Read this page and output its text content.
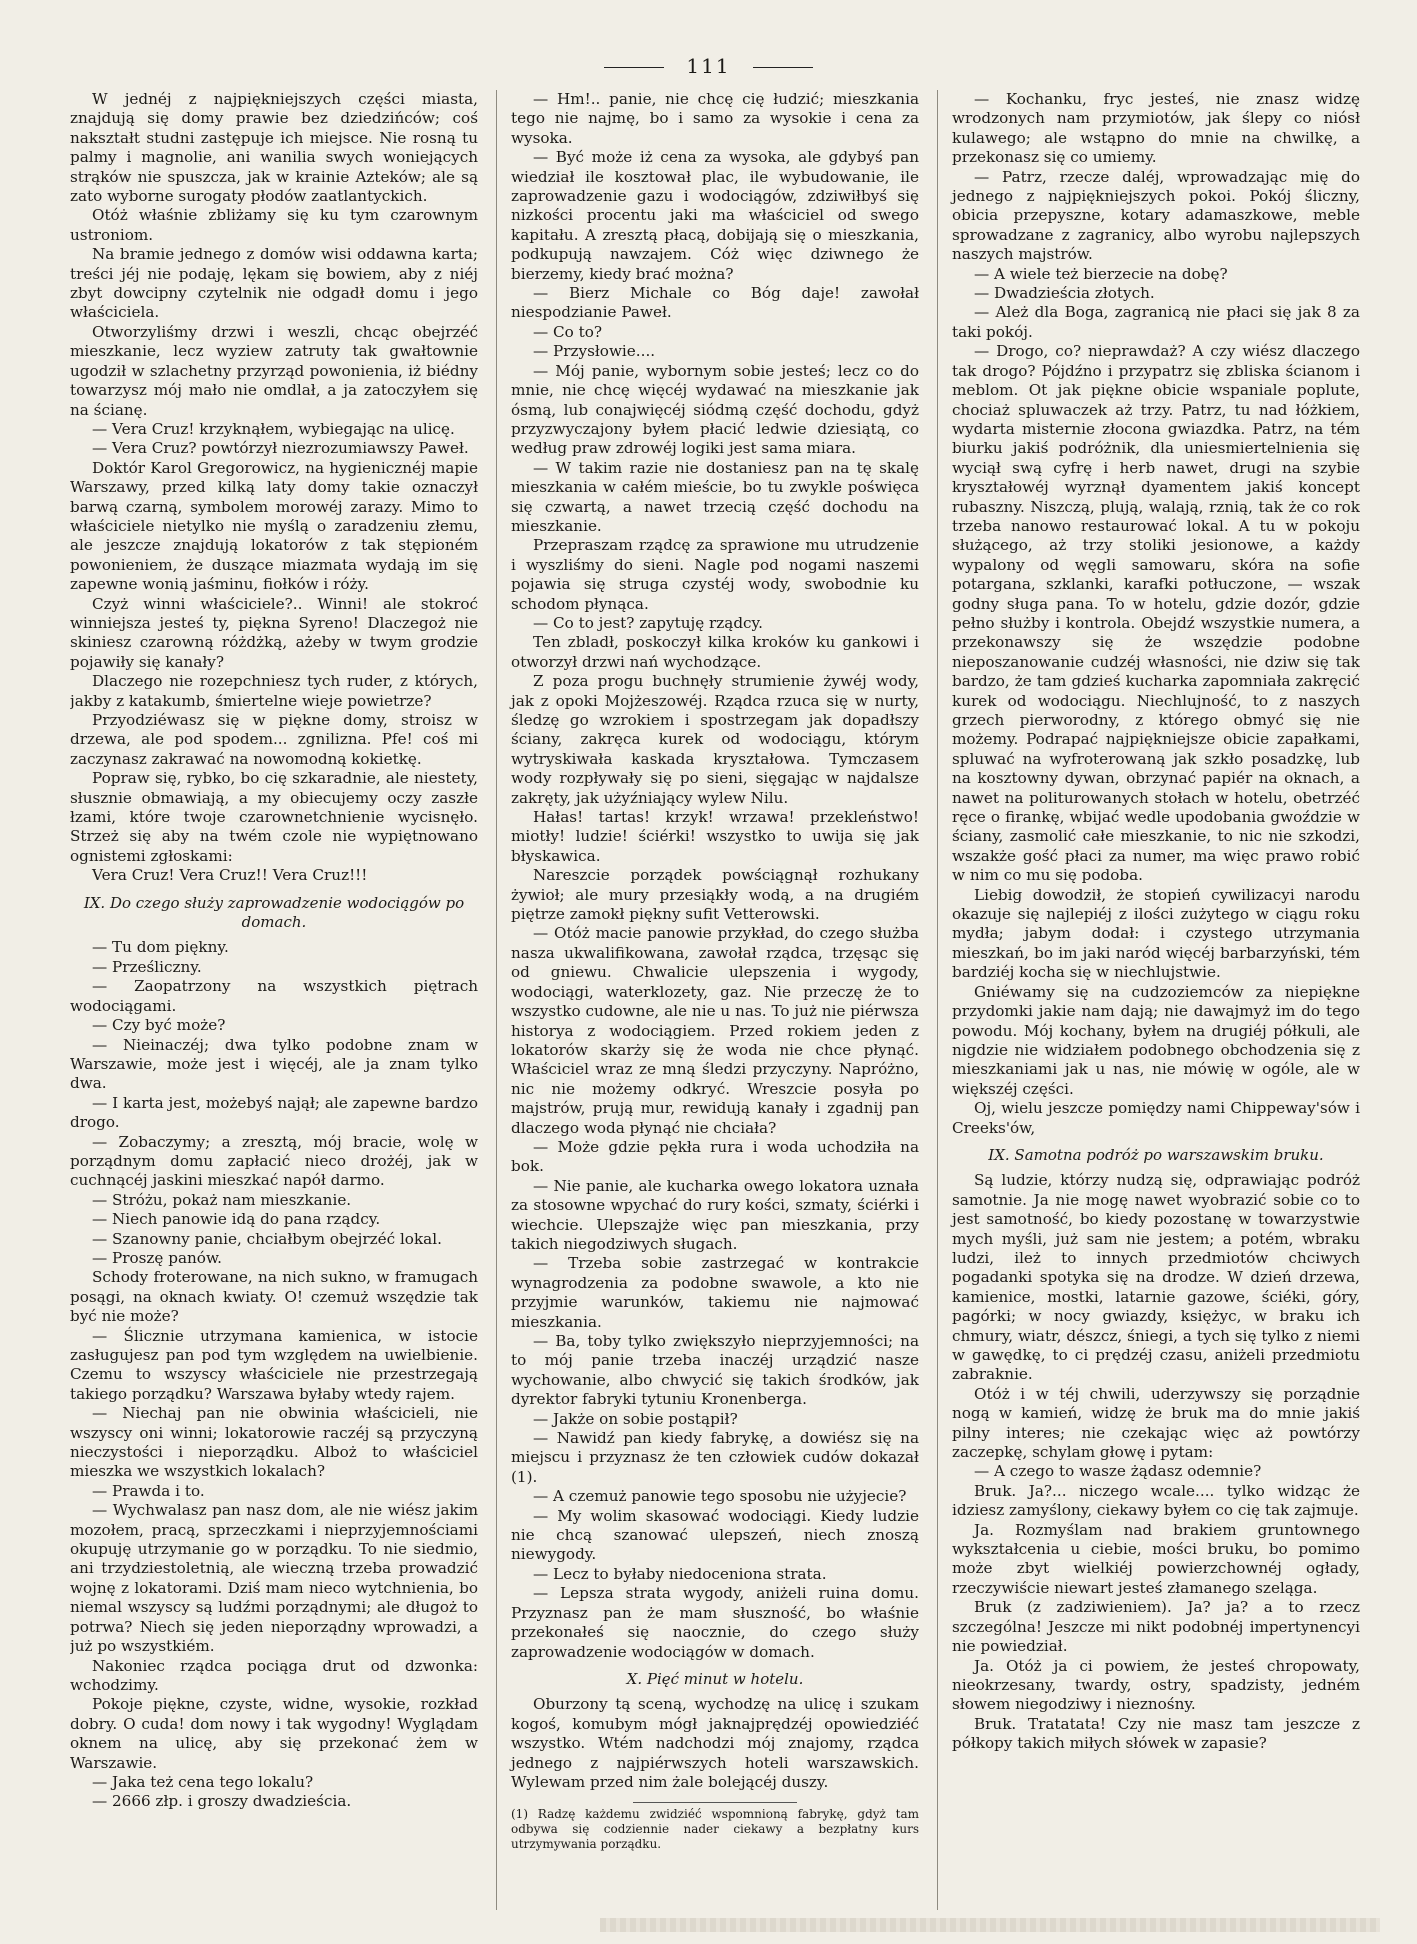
111

W jednéj z najpiękniejszych części miasta, znajdują się domy prawie bez dziedzińców; coś nakształt studni zastępuje ich miejsce. Nie rosną tu palmy i magnolie, ani wanilia swych woniejących strąków nie spuszcza, jak w krainie Azteków; ale są zato wyborne surogaty płodów zaatlantyckich.

Otóż właśnie zbliżamy się ku tym czarownym ustroniom.

Na bramie jednego z domów wisi oddawna karta; treści jéj nie podaję, lękam się bowiem, aby z niéj zbyt dowcipny czytelnik nie odgadł domu i jego właściciela.

Otworzyliśmy drzwi i weszli, chcąc obejrzéć mieszkanie, lecz wyziew zatruty tak gwałtownie ugodził w szlachetny przyrząd powonienia, iż biédny towarzysz mój mało nie omdlał, a ja zatoczyłem się na ścianę.

— Vera Cruz! krzyknąłem, wybiegając na ulicę.

— Vera Cruz? powtórzył niezrozumiawszy Paweł.

Doktór Karol Gregorowicz, na hygienicznéj mapie Warszawy, przed kilką laty domy takie oznaczył barwą czarną, symbolem morowéj zarazy. Mimo to właściciele nietylko nie myślą o zaradzeniu złemu, ale jeszcze znajdują lokatorów z tak stępioném powonieniem, że duszące miazmata wydają im się zapewne wonią jaśminu, fiołków i róży.

Czyż winni właściciele?.. Winni! ale stokroć winniejsza jesteś ty, piękna Syreno! Dlaczegoż nie skiniesz czarowną różdżką, ażeby w twym grodzie pojawiły się kanały?

Dlaczego nie rozepchniesz tych ruder, z których, jakby z katakumb, śmiertelne wieje powietrze?

Przyodziéwasz się w piękne domy, stroisz w drzewa, ale pod spodem... zgnilizna. Pfe! coś mi zaczynasz zakrawać na nowomodną kokietkę.

Popraw się, rybko, bo cię szkaradnie, ale niestety, słusznie obmawiają, a my obiecujemy oczy zaszłe łzami, które twoje czarownetchnienie wycisnęło. Strzeż się aby na twém czole nie wypiętnowano ognistemi zgłoskami:

Vera Cruz! Vera Cruz!! Vera Cruz!!!

IX. Do czego służy zaprowadzenie wodociągów po domach.

— Tu dom piękny.

— Prześliczny.

— Zaopatrzony na wszystkich piętrach wodociągami.

— Czy być może?

— Nieinaczéj; dwa tylko podobne znam w Warszawie, może jest i więcéj, ale ja znam tylko dwa.

— I karta jest, możebyś najął; ale zapewne bardzo drogo.

— Zobaczymy; a zresztą, mój bracie, wolę w porządnym domu zapłacić nieco drożéj, jak w cuchnącéj jaskini mieszkać napół darmo.

— Stróżu, pokaż nam mieszkanie.

— Niech panowie idą do pana rządcy.

— Szanowny panie, chciałbym obejrzéć lokal.

— Proszę panów.

Schody froterowane, na nich sukno, w framugach posągi, na oknach kwiaty. O! czemuż wszędzie tak być nie może?

— Ślicznie utrzymana kamienica, w istocie zasługujesz pan pod tym względem na uwielbienie. Czemu to wszyscy właściciele nie przestrzegają takiego porządku? Warszawa byłaby wtedy rajem.

— Niechaj pan nie obwinia właścicieli, nie wszyscy oni winni; lokatorowie raczéj są przyczyną nieczystości i nieporządku. Alboż to właściciel mieszka we wszystkich lokalach?

— Prawda i to.

— Wychwalasz pan nasz dom, ale nie wiész jakim mozołem, pracą, sprzeczkami i nieprzyjemnościami okupuję utrzymanie go w porządku. To nie siedmio, ani trzydziestoletnią, ale wieczną trzeba prowadzić wojnę z lokatorami. Dziś mam nieco wytchnienia, bo niemal wszyscy są ludźmi porządnymi; ale długoż to potrwa? Niech się jeden nieporządny wprowadzi, a już po wszystkiém.

Nakoniec rządca pociąga drut od dzwonka: wchodzimy.

Pokoje piękne, czyste, widne, wysokie, rozkład dobry. O cuda! dom nowy i tak wygodny! Wyglądam oknem na ulicę, aby się przekonać żem w Warszawie.

— Jaka też cena tego lokalu?

— 2666 złp. i groszy dwadzieścia.

— Hm!.. panie, nie chcę cię łudzić; mieszkania tego nie najmę, bo i samo za wysokie i cena za wysoka.

— Być może iż cena za wysoka, ale gdybyś pan wiedział ile kosztował plac, ile wybudowanie, ile zaprowadzenie gazu i wodociągów, zdziwiłbyś się nizkości procentu jaki ma właściciel od swego kapitału. A zresztą płacą, dobijają się o mieszkania, podkupują nawzajem. Cóż więc dziwnego że bierzemy, kiedy brać można?

— Bierz Michale co Bóg daje! zawołał niespodzianie Paweł.

— Co to?

— Przysłowie....

— Mój panie, wybornym sobie jesteś; lecz co do mnie, nie chcę więcéj wydawać na mieszkanie jak ósmą, lub conajwięcéj siódmą część dochodu, gdyż przyzwyczajony byłem płacić ledwie dziesiątą, co według praw zdrowéj logiki jest sama miara.

— W takim razie nie dostaniesz pan na tę skalę mieszkania w całém mieście, bo tu zwykle poświęca się czwartą, a nawet trzecią część dochodu na mieszkanie.

Przepraszam rządcę za sprawione mu utrudzenie i wyszliśmy do sieni. Nagle pod nogami naszemi pojawia się struga czystéj wody, swobodnie ku schodom płynąca.

— Co to jest? zapytuję rządcy.

Ten zbladł, poskoczył kilka kroków ku gankowi i otworzył drzwi nań wychodzące.

Z poza progu buchnęły strumienie żywéj wody, jak z opoki Mojżeszowéj. Rządca rzuca się w nurty, śledzę go wzrokiem i spostrzegam jak dopadłszy ściany, zakręca kurek od wodociągu, którym wytryskiwała kaskada kryształowa. Tymczasem wody rozpływały się po sieni, sięgając w najdalsze zakręty, jak użyźniający wylew Nilu.

Hałas! tartas! krzyk! wrzawa! przekleństwo! miotły! ludzie! ściérki! wszystko to uwija się jak błyskawica.

Nareszcie porządek powściągnął rozhukany żywioł; ale mury przesiąkły wodą, a na drugiém piętrze zamokł piękny sufit Vetterowski.

— Otóż macie panowie przykład, do czego służba nasza ukwalifikowana, zawołał rządca, trzęsąc się od gniewu. Chwalicie ulepszenia i wygody, wodociągi, waterklozety, gaz. Nie przeczę że to wszystko cudowne, ale nie u nas. To już nie piérwsza historya z wodociągiem. Przed rokiem jeden z lokatorów skarży się że woda nie chce płynąć. Właściciel wraz ze mną śledzi przyczyny. Napróżno, nic nie możemy odkryć. Wreszcie posyła po majstrów, prują mur, rewidują kanały i zgadnij pan dlaczego woda płynąć nie chciała?

— Może gdzie pękła rura i woda uchodziła na bok.

— Nie panie, ale kucharka owego lokatora uznała za stosowne wpychać do rury kości, szmaty, ściérki i wiechcie. Ulepszajże więc pan mieszkania, przy takich niegodziwych sługach.

— Trzeba sobie zastrzegać w kontrakcie wynagrodzenia za podobne swawole, a kto nie przyjmie warunków, takiemu nie najmować mieszkania.

— Ba, toby tylko zwiększyło nieprzyjemności; na to mój panie trzeba inaczéj urządzić nasze wychowanie, albo chwycić się takich środków, jak dyrektor fabryki tytuniu Kronenberga.

— Jakże on sobie postąpił?

— Nawidź pan kiedy fabrykę, a dowiész się na miejscu i przyznasz że ten człowiek cudów dokazał (1).

— A czemuż panowie tego sposobu nie użyjecie?

— My wolim skasować wodociągi. Kiedy ludzie nie chcą szanować ulepszeń, niech znoszą niewygody.

— Lecz to byłaby niedoceniona strata.

— Lepsza strata wygody, aniżeli ruina domu. Przyznasz pan że mam słuszność, bo właśnie przekonałeś się naocznie, do czego służy zaprowadzenie wodociągów w domach.

X. Pięć minut w hotelu.

Oburzony tą sceną, wychodzę na ulicę i szukam kogoś, komubym mógł jaknajprędzéj opowiedziéć wszystko. Wtém nadchodzi mój znajomy, rządca jednego z najpiérwszych hoteli warszawskich. Wylewam przed nim żale bolejącéj duszy.

(1) Radzę każdemu zwidziéć wspomnioną fabrykę, gdyż tam odbywa się codziennie nader ciekawy a bezpłatny kurs utrzymywania porządku.

— Kochanku, fryc jesteś, nie znasz widzę wrodzonych nam przymiotów, jak ślepy co niósł kulawego; ale wstąpno do mnie na chwilkę, a przekonasz się co umiemy.

— Patrz, rzecze daléj, wprowadzając mię do jednego z najpiękniejszych pokoi. Pokój śliczny, obicia przepyszne, kotary adamaszkowe, meble sprowadzane z zagranicy, albo wyrobu najlepszych naszych majstrów.

— A wiele też bierzecie na dobę?

— Dwadzieścia złotych.

— Ależ dla Boga, zagranicą nie płaci się jak 8 za taki pokój.

— Drogo, co? nieprawdaż? A czy wiész dlaczego tak drogo? Pójdźno i przypatrz się zbliska ścianom i meblom. Ot jak piękne obicie wspaniale poplute, chociaż spluwaczek aż trzy. Patrz, tu nad łóżkiem, wydarta misternie złocona gwiazdka. Patrz, na tém biurku jakiś podróżnik, dla uniesmiertelnienia się wyciął swą cyfrę i herb nawet, drugi na szybie kryształowéj wyrznął dyamentem jakiś koncept rubaszny. Niszczą, plują, walają, rznią, tak że co rok trzeba nanowo restaurować lokal. A tu w pokoju służącego, aż trzy stoliki jesionowe, a każdy wypalony od węgli samowaru, skóra na sofie potargana, szklanki, karafki potłuczone, — wszak godny sługa pana. To w hotelu, gdzie dozór, gdzie pełno służby i kontrola. Obejdź wszystkie numera, a przekonawszy się że wszędzie podobne nieposzanowanie cudzéj własności, nie dziw się tak bardzo, że tam gdzieś kucharka zapomniała zakręcić kurek od wodociągu. Niechlujność, to z naszych grzech pierworodny, z którego obmyć się nie możemy. Podrapać najpiękniejsze obicie zapałkami, spluwać na wyfroterowaną jak szkło posadzkę, lub na kosztowny dywan, obrzynać papiér na oknach, a nawet na politurowanych stołach w hotelu, obetrzéć ręce o firankę, wbijać wedle upodobania gwoździe w ściany, zasmolić całe mieszkanie, to nic nie szkodzi, wszakże gość płaci za numer, ma więc prawo robić w nim co mu się podoba.

Liebig dowodził, że stopień cywilizacyi narodu okazuje się najlepiéj z ilości zużytego w ciągu roku mydła; jabym dodał: i czystego utrzymania mieszkań, bo im jaki naród więcéj barbarzyński, tém bardziéj kocha się w niechlujstwie.

Gniéwamy się na cudzoziemców za niepiękne przydomki jakie nam dają; nie dawajmyż im do tego powodu. Mój kochany, byłem na drugiéj półkuli, ale nigdzie nie widziałem podobnego obchodzenia się z mieszkaniami jak u nas, nie mówię w ogóle, ale w większéj części.

Oj, wielu jeszcze pomiędzy nami Chippeway'sów i Creeks'ów,

IX. Samotna podróż po warszawskim bruku.

Są ludzie, którzy nudzą się, odprawiając podróż samotnie. Ja nie mogę nawet wyobrazić sobie co to jest samotność, bo kiedy pozostanę w towarzystwie mych myśli, już sam nie jestem; a potém, wbraku ludzi, ileż to innych przedmiotów chciwych pogadanki spotyka się na drodze. W dzień drzewa, kamienice, mostki, latarnie gazowe, ściéki, góry, pagórki; w nocy gwiazdy, księżyc, w braku ich chmury, wiatr, dészcz, śniegi, a tych się tylko z niemi w gawędkę, to ci prędzéj czasu, aniżeli przedmiotu zabraknie.

Otóż i w téj chwili, uderzywszy się porządnie nogą w kamień, widzę że bruk ma do mnie jakiś pilny interes; nie czekając więc aż powtórzy zaczepkę, schylam głowę i pytam:

— A czego to wasze żądasz odemnie?

Bruk. Ja?... niczego wcale.... tylko widząc że idziesz zamyślony, ciekawy byłem co cię tak zajmuje.

Ja. Rozmyślam nad brakiem gruntownego wykształcenia u ciebie, mości bruku, bo pomimo może zbyt wielkiéj powierzchownéj ogłady, rzeczywiście niewart jesteś złamanego szeląga.

Bruk (z zadziwieniem). Ja? ja? a to rzecz szczególna! Jeszcze mi nikt podobnéj impertynencyi nie powiedział.

Ja. Otóż ja ci powiem, że jesteś chropowaty, nieokrzesany, twardy, ostry, spadzisty, jedném słowem niegodziwy i nieznośny.

Bruk. Tratatata! Czy nie masz tam jeszcze z półkopy takich miłych słówek w zapasie?
